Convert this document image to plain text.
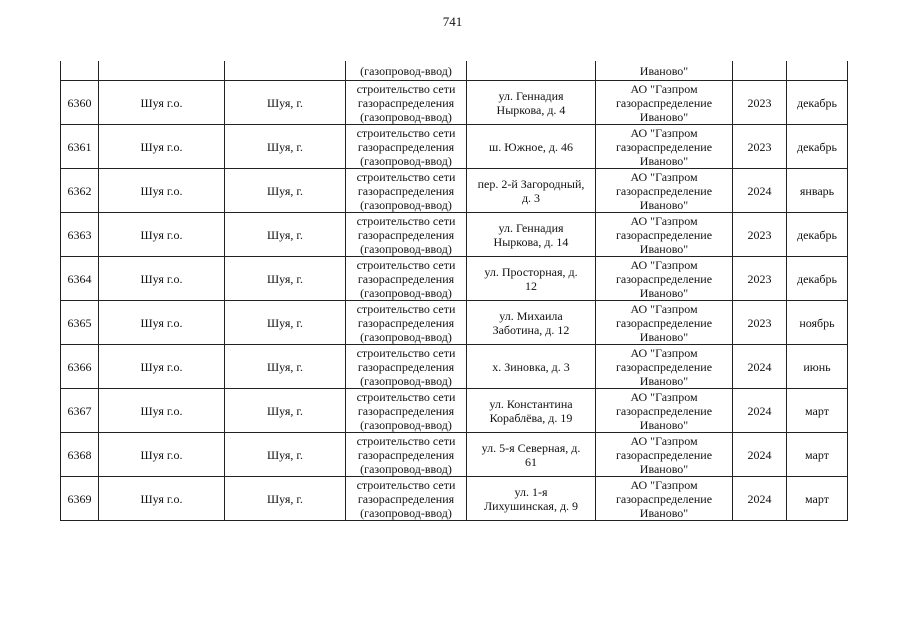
741
			(газопровод-ввод)		Иваново"		
6360	Шуя г.о.	Шуя, г.	строительство сети
газораспределения
(газопровод-ввод)	ул. Геннадия
Ныркова, д. 4	АО "Газпром
газораспределение
Иваново"	2023	декабрь
6361	Шуя г.о.	Шуя, г.	строительство сети
газораспределения
(газопровод-ввод)	ш. Южное, д. 46	АО "Газпром
газораспределение
Иваново"	2023	декабрь
6362	Шуя г.о.	Шуя, г.	строительство сети
газораспределения
(газопровод-ввод)	пер. 2-й Загородный,
д. 3	АО "Газпром
газораспределение
Иваново"	2024	январь
6363	Шуя г.о.	Шуя, г.	строительство сети
газораспределения
(газопровод-ввод)	ул. Геннадия
Ныркова, д. 14	АО "Газпром
газораспределение
Иваново"	2023	декабрь
6364	Шуя г.о.	Шуя, г.	строительство сети
газораспределения
(газопровод-ввод)	ул. Просторная, д.
12	АО "Газпром
газораспределение
Иваново"	2023	декабрь
6365	Шуя г.о.	Шуя, г.	строительство сети
газораспределения
(газопровод-ввод)	ул. Михаила
Заботина, д. 12	АО "Газпром
газораспределение
Иваново"	2023	ноябрь
6366	Шуя г.о.	Шуя, г.	строительство сети
газораспределения
(газопровод-ввод)	х. Зиновка, д. 3	АО "Газпром
газораспределение
Иваново"	2024	июнь
6367	Шуя г.о.	Шуя, г.	строительство сети
газораспределения
(газопровод-ввод)	ул. Константина
Кораблёва, д. 19	АО "Газпром
газораспределение
Иваново"	2024	март
6368	Шуя г.о.	Шуя, г.	строительство сети
газораспределения
(газопровод-ввод)	ул. 5-я Северная, д.
61	АО "Газпром
газораспределение
Иваново"	2024	март
6369	Шуя г.о.	Шуя, г.	строительство сети
газораспределения
(газопровод-ввод)	ул. 1-я
Лихушинская, д. 9	АО "Газпром
газораспределение
Иваново"	2024	март
